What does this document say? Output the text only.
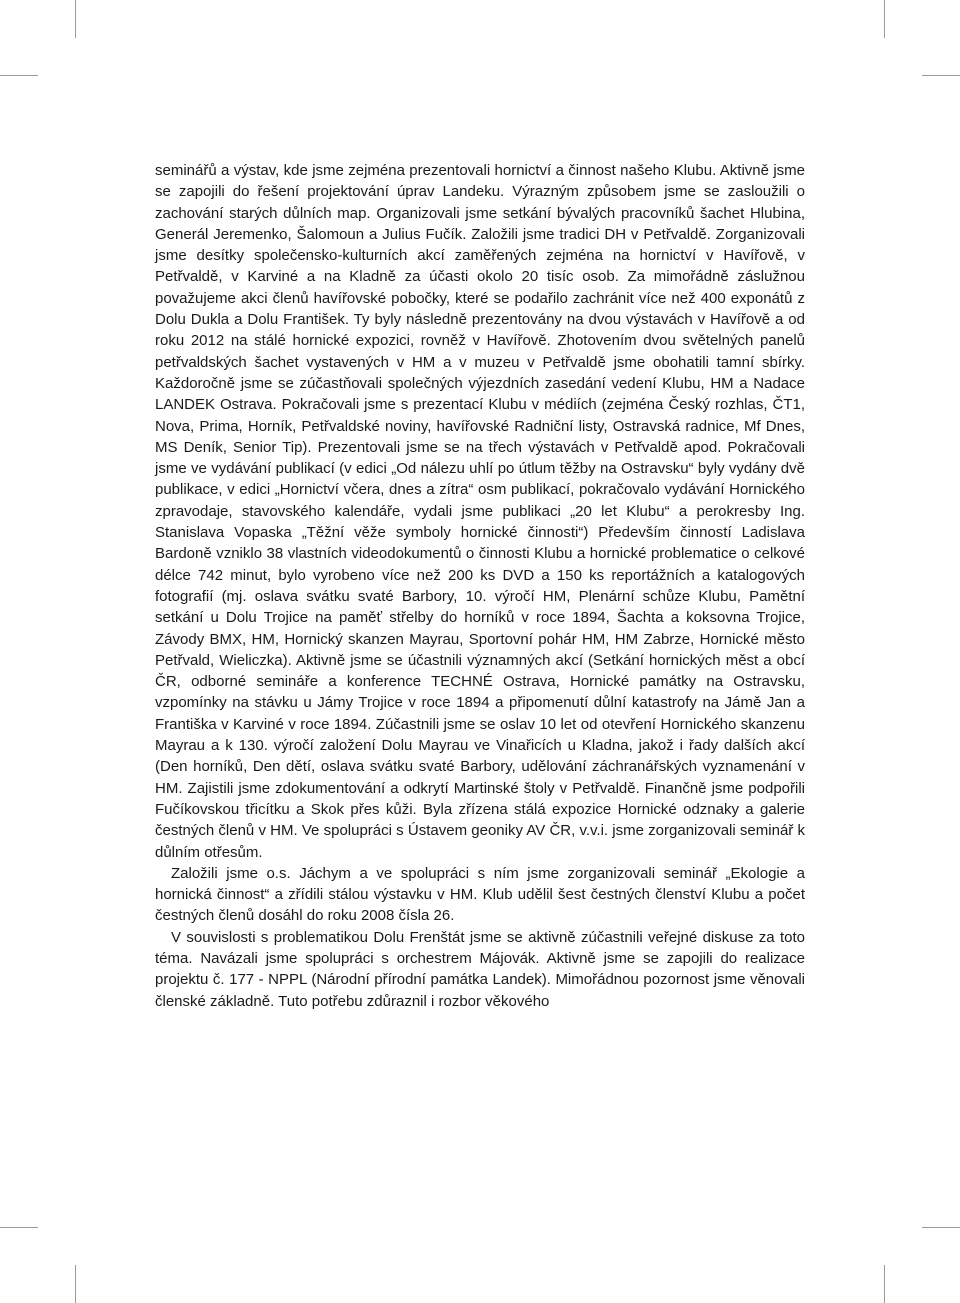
seminářů a výstav, kde jsme zejména prezentovali hornictví a činnost našeho Klubu. Aktivně jsme se zapojili do řešení projektování úprav Landeku. Výrazným způsobem jsme se zasloužili o zachování starých důlních map. Organizovali jsme setkání bývalých pracovníků šachet Hlubina, Generál Jeremenko, Šalomoun a Julius Fučík. Založili jsme tradici DH v Petřvaldě. Zorganizovali jsme desítky společensko-kulturních akcí zaměřených zejména na hornictví v Havířově, v Petřvaldě, v Karviné a na Kladně za účasti okolo 20 tisíc osob. Za mimořádně záslužnou považujeme akci členů havířovské pobočky, které se podařilo zachránit více než 400 exponátů z Dolu Dukla a Dolu František. Ty byly následně prezentovány na dvou výstavách v Havířově a od roku 2012 na stálé hornické expozici, rovněž v Havířově. Zhotovením dvou světelných panelů petřvaldských šachet vystavených v HM a v muzeu v Petřvaldě jsme obohatili tamní sbírky. Každoročně jsme se zúčastňovali společných výjezdních zasedání vedení Klubu, HM a Nadace LANDEK Ostrava. Pokračovali jsme s prezentací Klubu v médiích (zejména Český rozhlas, ČT1, Nova, Prima, Horník, Petřvaldské noviny, havířovské Radniční listy, Ostravská radnice, Mf Dnes, MS Deník, Senior Tip). Prezentovali jsme se na třech výstavách v Petřvaldě apod. Pokračovali jsme ve vydávání publikací (v edici „Od nálezu uhlí po útlum těžby na Ostravsku“ byly vydány dvě publikace, v edici „Hornictví včera, dnes a zítra“ osm publikací, pokračovalo vydávání Hornického zpravodaje, stavovského kalendáře, vydali jsme publikaci „20 let Klubu“ a perokresby Ing. Stanislava Vopaska „Těžní věže symboly hornické činnosti“) Především činností Ladislava Bardoně vzniklo 38 vlastních videodokumentů o činnosti Klubu a hornické problematice o celkové délce 742 minut, bylo vyrobeno více než 200 ks DVD a 150 ks reportážních a katalogových fotografií (mj. oslava svátku svaté Barbory, 10. výročí HM, Plenární schůze Klubu, Pamětní setkání u Dolu Trojice na paměť střelby do horníků v roce 1894, Šachta a koksovna Trojice, Závody BMX, HM, Hornický skanzen Mayrau, Sportovní pohár HM, HM Zabrze, Hornické město Petřvald, Wieliczka). Aktivně jsme se účastnili významných akcí (Setkání hornických měst a obcí ČR, odborné semináře a konference TECHNÉ Ostrava, Hornické památky na Ostravsku, vzpomínky na stávku u Jámy Trojice v roce 1894 a připomenutí důlní katastrofy na Jámě Jan a Františka v Karviné v roce 1894. Zúčastnili jsme se oslav 10 let od otevření Hornického skanzenu Mayrau a k 130. výročí založení Dolu Mayrau ve Vinařicích u Kladna, jakož i řady dalších akcí (Den horníků, Den dětí, oslava svátku svaté Barbory, udělování záchranářských vyznamenání v HM. Zajistili jsme zdokumentování a odkrytí Martinské štoly v Petřvaldě. Finančně jsme podpořili Fučíkovskou třicítku a Skok přes kůži. Byla zřízena stálá expozice Hornické odznaky a galerie čestných členů v HM. Ve spolupráci s Ústavem geoniky AV ČR, v.v.i. jsme zorganizovali seminář k důlním otřesům.

Založili jsme o.s. Jáchym a ve spolupráci s ním jsme zorganizovali seminář „Ekologie a hornická činnost“ a zřídili stálou výstavku v HM. Klub udělil šest čestných členství Klubu a počet čestných členů dosáhl do roku 2008 čísla 26.

V souvislosti s problematikou Dolu Frenštát jsme se aktivně zúčastnili veřejné diskuse za toto téma. Navázali jsme spolupráci s orchestrem Májovák. Aktivně jsme se zapojili do realizace projektu č. 177 - NPPL (Národní přírodní památka Landek). Mimořádnou pozornost jsme věnovali členské základně. Tuto potřebu zdůraznil i rozbor věkového
